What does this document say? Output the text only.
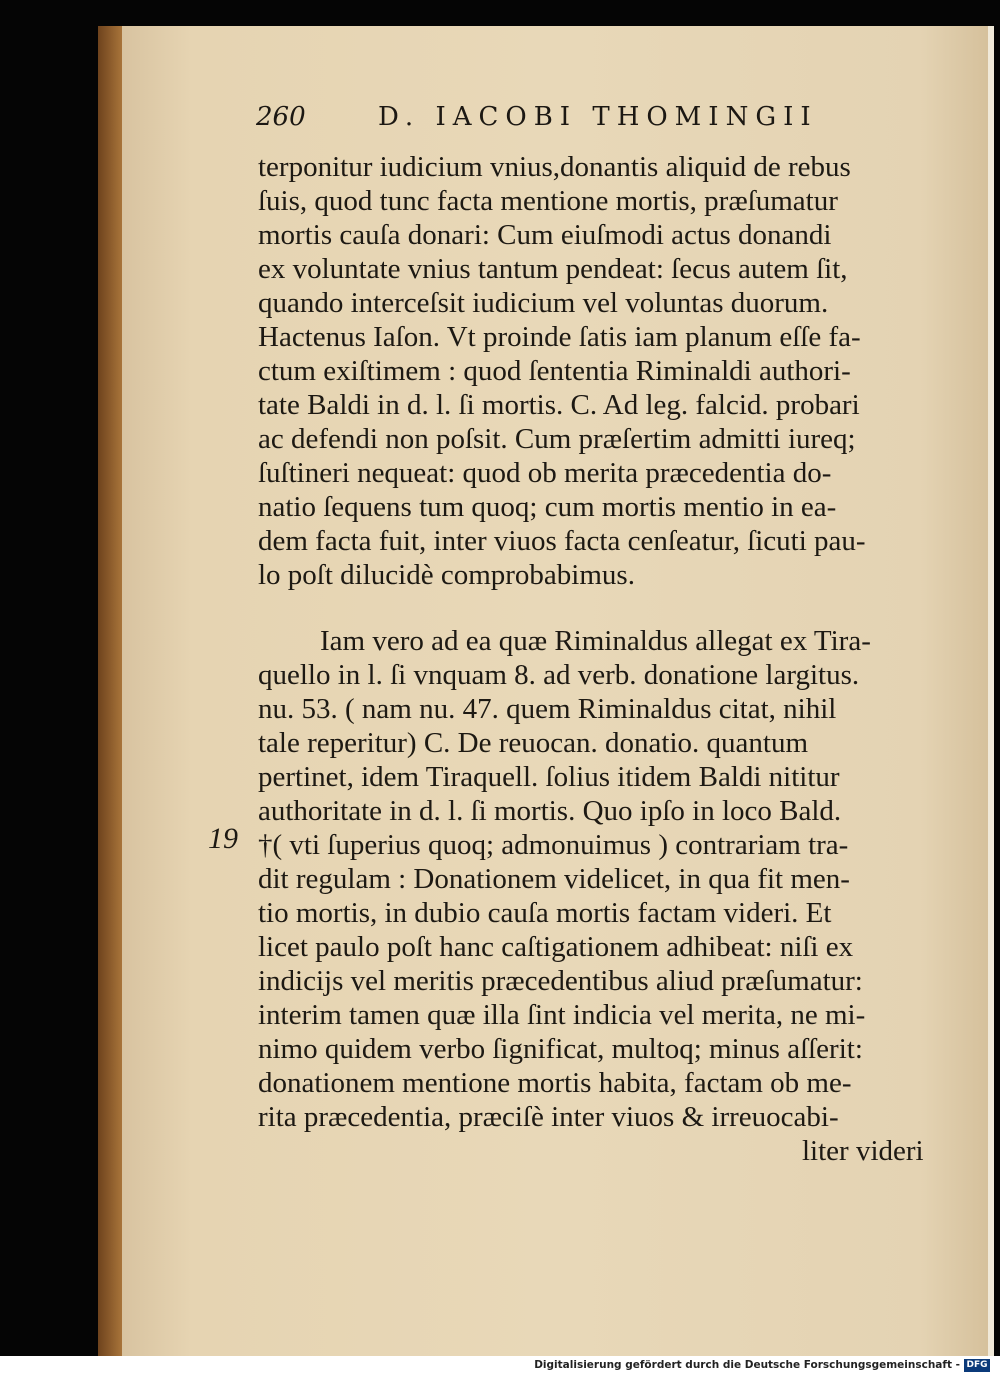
260	D. IACOBI THOMINGII
terponitur iudicium vnius,donantis aliquid de rebus
ſuis, quod tunc facta mentione mortis, præſumatur
mortis cauſa donari: Cum eiuſmodi actus donandi
ex voluntate vnius tantum pendeat: ſecus autem ſit,
quando interceſsit iudicium vel voluntas duorum.
Hactenus Iaſon. Vt proinde ſatis iam planum eſſe fa-
ctum exiſtimem : quod ſententia Riminaldi authori-
tate Baldi in d. l. ſi mortis. C. Ad leg. falcid. probari
ac defendi non poſsit. Cum præſertim admitti iureq;
ſuſtineri nequeat: quod ob merita præcedentia do-
natio ſequens tum quoq; cum mortis mentio in ea-
dem facta fuit, inter viuos facta cenſeatur, ſicuti pau-
lo poſt dilucidè comprobabimus.
Iam vero ad ea quæ Riminaldus allegat ex Tira-
quello in l. ſi vnquam 8. ad verb. donatione largitus.
nu. 53. ( nam nu. 47. quem Riminaldus citat, nihil
tale reperitur) C. De reuocan. donatio. quantum
pertinet, idem Tiraquell. ſolius itidem Baldi nititur
authoritate in d. l. ſi mortis. Quo ipſo in loco Bald.
†( vti ſuperius quoq; admonuimus ) contrariam tra-
dit regulam : Donationem videlicet, in qua fit men-
tio mortis, in dubio cauſa mortis factam videri. Et
licet paulo poſt hanc caſtigationem adhibeat: niſi ex
indicijs vel meritis præcedentibus aliud præſumatur:
interim tamen quæ illa ſint indicia vel merita, ne mi-
nimo quidem verbo ſignificat, multoq; minus aſſerit:
donationem mentione mortis habita, factam ob me-
rita præcedentia, præciſè inter viuos & irreuocabi-
liter videri
19
Digitalisierung gefördert durch die Deutsche Forschungsgemeinschaft - DFG
